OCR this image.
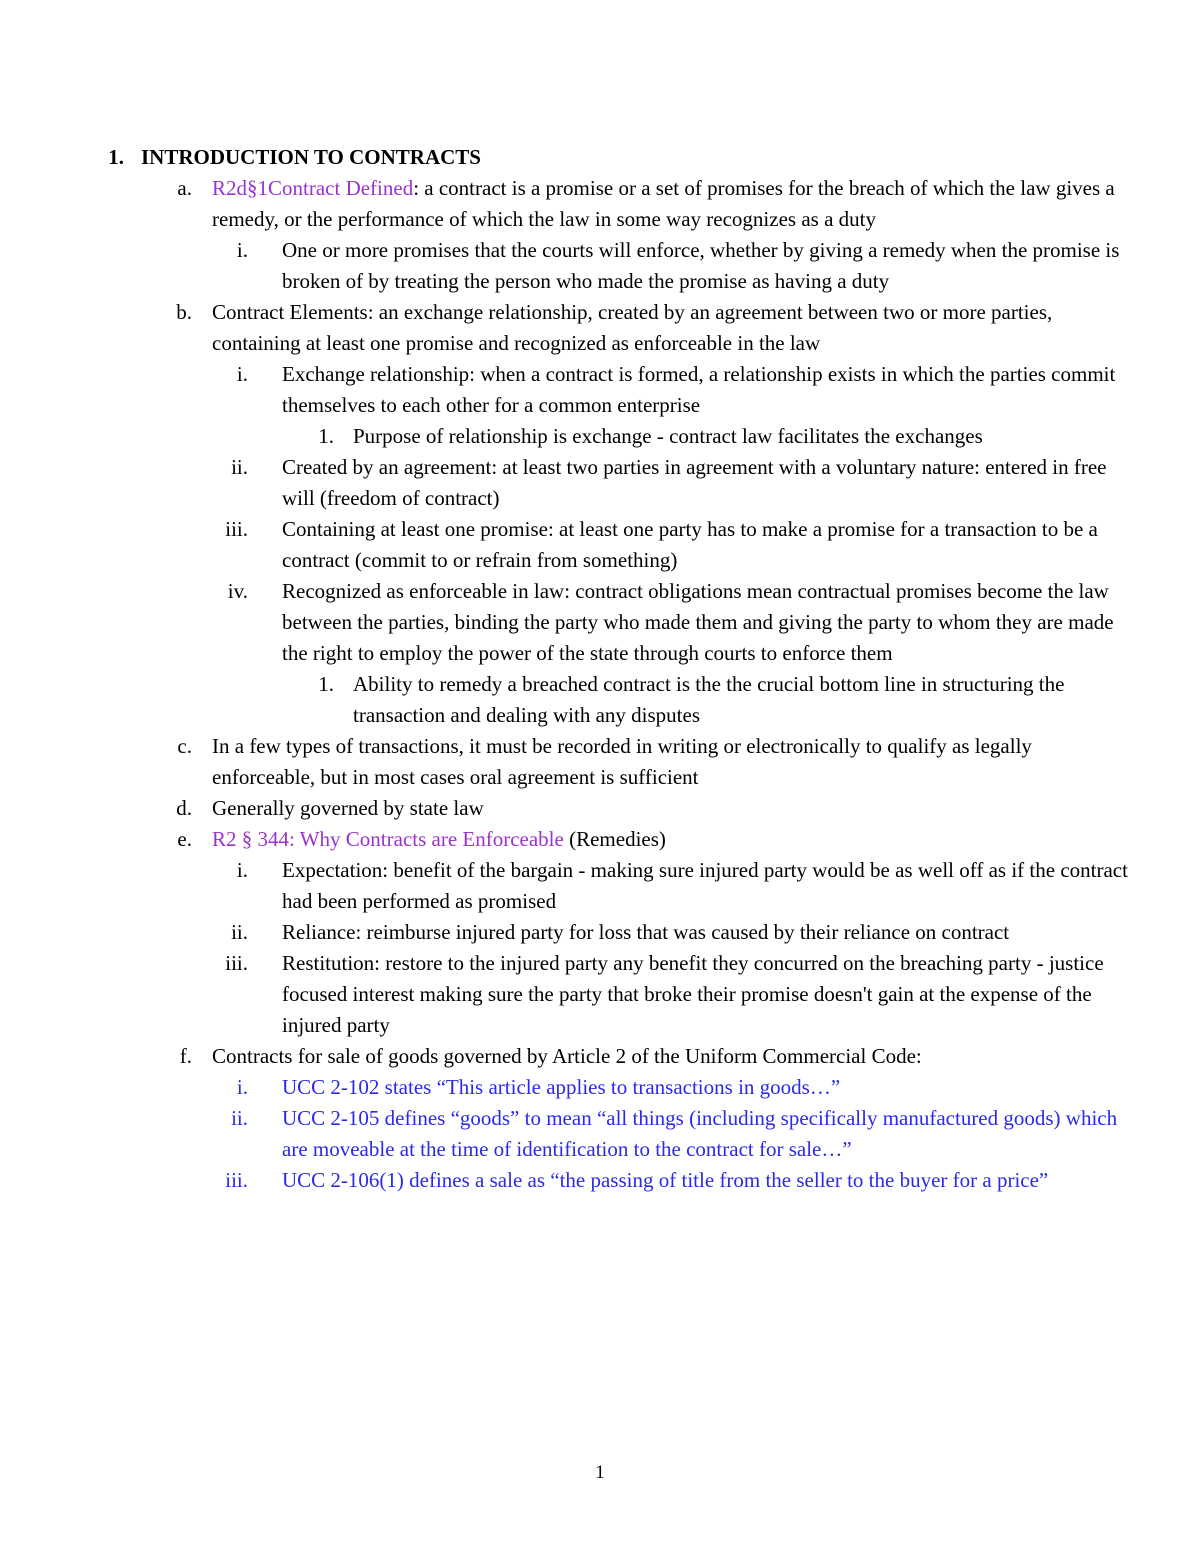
1. INTRODUCTION TO CONTRACTS
a. R2d§1Contract Defined: a contract is a promise or a set of promises for the breach of which the law gives a remedy, or the performance of which the law in some way recognizes as a duty
i. One or more promises that the courts will enforce, whether by giving a remedy when the promise is broken of by treating the person who made the promise as having a duty
b. Contract Elements: an exchange relationship, created by an agreement between two or more parties, containing at least one promise and recognized as enforceable in the law
i. Exchange relationship: when a contract is formed, a relationship exists in which the parties commit themselves to each other for a common enterprise
1. Purpose of relationship is exchange - contract law facilitates the exchanges
ii. Created by an agreement: at least two parties in agreement with a voluntary nature: entered in free will (freedom of contract)
iii. Containing at least one promise: at least one party has to make a promise for a transaction to be a contract (commit to or refrain from something)
iv. Recognized as enforceable in law: contract obligations mean contractual promises become the law between the parties, binding the party who made them and giving the party to whom they are made the right to employ the power of the state through courts to enforce them
1. Ability to remedy a breached contract is the the crucial bottom line in structuring the transaction and dealing with any disputes
c. In a few types of transactions, it must be recorded in writing or electronically to qualify as legally enforceable, but in most cases oral agreement is sufficient
d. Generally governed by state law
e. R2 § 344: Why Contracts are Enforceable (Remedies)
i. Expectation: benefit of the bargain - making sure injured party would be as well off as if the contract had been performed as promised
ii. Reliance: reimburse injured party for loss that was caused by their reliance on contract
iii. Restitution: restore to the injured party any benefit they concurred on the breaching party - justice focused interest making sure the party that broke their promise doesn't gain at the expense of the injured party
f. Contracts for sale of goods governed by Article 2 of the Uniform Commercial Code:
i. UCC 2-102 states “This article applies to transactions in goods…”
ii. UCC 2-105 defines “goods” to mean “all things (including specifically manufactured goods) which are moveable at the time of identification to the contract for sale…”
iii. UCC 2-106(1) defines a sale as “the passing of title from the seller to the buyer for a price”
1
